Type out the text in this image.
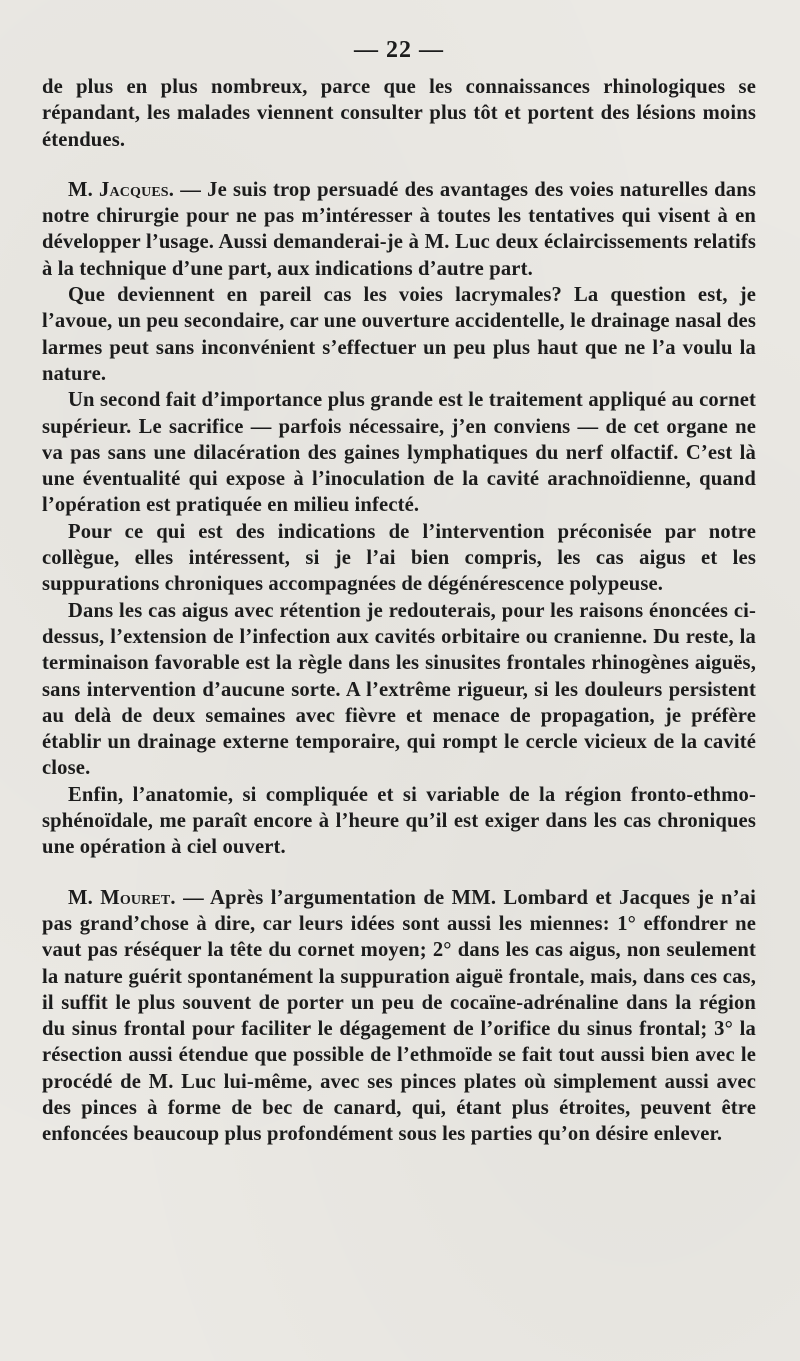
— 22 —

de plus en plus nombreux, parce que les connaissances rhinologiques se répandant, les malades viennent consulter plus tôt et portent des lésions moins étendues.

M. Jacques. — Je suis trop persuadé des avantages des voies naturelles dans notre chirurgie pour ne pas m’intéresser à toutes les tentatives qui visent à en développer l’usage. Aussi demanderai-je à M. Luc deux éclaircissements relatifs à la technique d’une part, aux indications d’autre part.

Que deviennent en pareil cas les voies lacrymales? La question est, je l’avoue, un peu secondaire, car une ouverture accidentelle, le drainage nasal des larmes peut sans inconvénient s’effectuer un peu plus haut que ne l’a voulu la nature.

Un second fait d’importance plus grande est le traitement appliqué au cornet supérieur. Le sacrifice — parfois nécessaire, j’en conviens — de cet organe ne va pas sans une dilacération des gaines lymphatiques du nerf olfactif. C’est là une éventualité qui expose à l’inoculation de la cavité arachnoïdienne, quand l’opération est pratiquée en milieu infecté.

Pour ce qui est des indications de l’intervention préconisée par notre collègue, elles intéressent, si je l’ai bien compris, les cas aigus et les suppurations chroniques accompagnées de dégénérescence polypeuse.

Dans les cas aigus avec rétention je redouterais, pour les raisons énoncées ci-dessus, l’extension de l’infection aux cavités orbitaire ou cranienne. Du reste, la terminaison favorable est la règle dans les sinusites frontales rhinogènes aiguës, sans intervention d’aucune sorte. A l’extrême rigueur, si les douleurs persistent au delà de deux semaines avec fièvre et menace de propagation, je préfère établir un drainage externe temporaire, qui rompt le cercle vicieux de la cavité close.

Enfin, l’anatomie, si compliquée et si variable de la région fronto-ethmo-sphénoïdale, me paraît encore à l’heure qu’il est exiger dans les cas chroniques une opération à ciel ouvert.

M. Mouret. — Après l’argumentation de MM. Lombard et Jacques je n’ai pas grand’chose à dire, car leurs idées sont aussi les miennes: 1° effondrer ne vaut pas réséquer la tête du cornet moyen; 2° dans les cas aigus, non seulement la nature guérit spontanément la suppuration aiguë frontale, mais, dans ces cas, il suffit le plus souvent de porter un peu de cocaïne-adrénaline dans la région du sinus frontal pour faciliter le dégagement de l’orifice du sinus frontal; 3° la résection aussi étendue que possible de l’ethmoïde se fait tout aussi bien avec le procédé de M. Luc lui-même, avec ses pinces plates où simplement aussi avec des pinces à forme de bec de canard, qui, étant plus étroites, peuvent être enfoncées beaucoup plus profondément sous les parties qu’on désire enlever.
